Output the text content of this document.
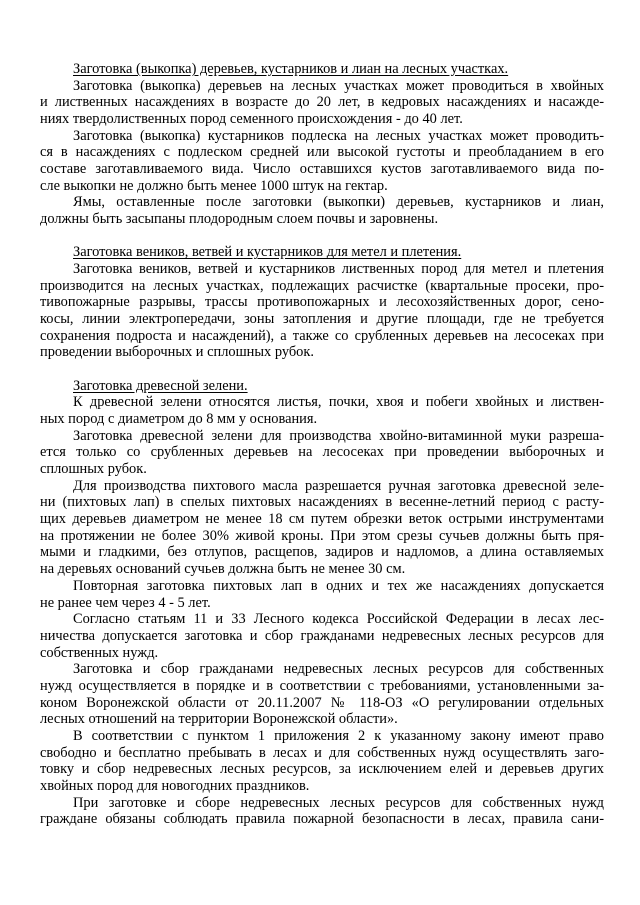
Заготовка (выкопка) деревьев, кустарников и лиан на лесных участках.
Заготовка (выкопка) деревьев на лесных участках может проводиться в хвойных
и лиственных насаждениях в возрасте до 20 лет, в кедровых насаждениях и насажде-
ниях твердолиственных пород семенного происхождения - до 40 лет.
Заготовка (выкопка) кустарников подлеска на лесных участках может проводить-
ся в насаждениях с подлеском средней или высокой густоты и преобладанием в его
составе заготавливаемого вида. Число оставшихся кустов заготавливаемого вида по-
сле выкопки не должно быть менее 1000 штук на гектар.
Ямы, оставленные после заготовки (выкопки) деревьев, кустарников и лиан,
должны быть засыпаны плодородным слоем почвы и заровнены.
Заготовка веников, ветвей и кустарников для метел и плетения.
Заготовка веников, ветвей и кустарников лиственных пород для метел и плетения
производится на лесных участках, подлежащих расчистке (квартальные просеки, про-
тивопожарные разрывы, трассы противопожарных и лесохозяйственных дорог, сено-
косы, линии электропередачи, зоны затопления и другие площади, где не требуется
сохранения подроста и насаждений), а также со срубленных деревьев на лесосеках при
проведении выборочных и сплошных рубок.
Заготовка древесной зелени.
К древесной зелени относятся листья, почки, хвоя и побеги хвойных и листвен-
ных пород с диаметром до 8 мм у основания.
Заготовка древесной зелени для производства хвойно-витаминной муки разреша-
ется только со срубленных деревьев на лесосеках при проведении выборочных и
сплошных рубок.
Для производства пихтового масла разрешается ручная заготовка древесной зеле-
ни (пихтовых лап) в спелых пихтовых насаждениях в весенне-летний период с расту-
щих деревьев диаметром не менее 18 см путем обрезки веток острыми инструментами
на протяжении не более 30% живой кроны. При этом срезы сучьев должны быть пря-
мыми и гладкими, без отлупов, расщепов, задиров и надломов, а длина оставляемых
на деревьях оснований сучьев должна быть не менее 30 см.
Повторная заготовка пихтовых лап в одних и тех же насаждениях допускается
не ранее чем через 4 - 5 лет.
Согласно статьям 11 и 33 Лесного кодекса Российской Федерации в лесах лес-
ничества допускается заготовка и сбор гражданами недревесных лесных ресурсов для
собственных нужд.
Заготовка и сбор гражданами недревесных лесных ресурсов для собственных
нужд осуществляется в порядке и в соответствии с требованиями, установленными за-
коном Воронежской области от 20.11.2007 № 118-ОЗ «О регулировании отдельных
лесных отношений на территории Воронежской области».
В соответствии с пунктом 1 приложения 2 к указанному закону имеют право
свободно и бесплатно пребывать в лесах и для собственных нужд осуществлять заго-
товку и сбор недревесных лесных ресурсов, за исключением елей и деревьев других
хвойных пород для новогодних праздников.
При заготовке и сборе недревесных лесных ресурсов для собственных нужд
граждане обязаны соблюдать правила пожарной безопасности в лесах, правила сани-
